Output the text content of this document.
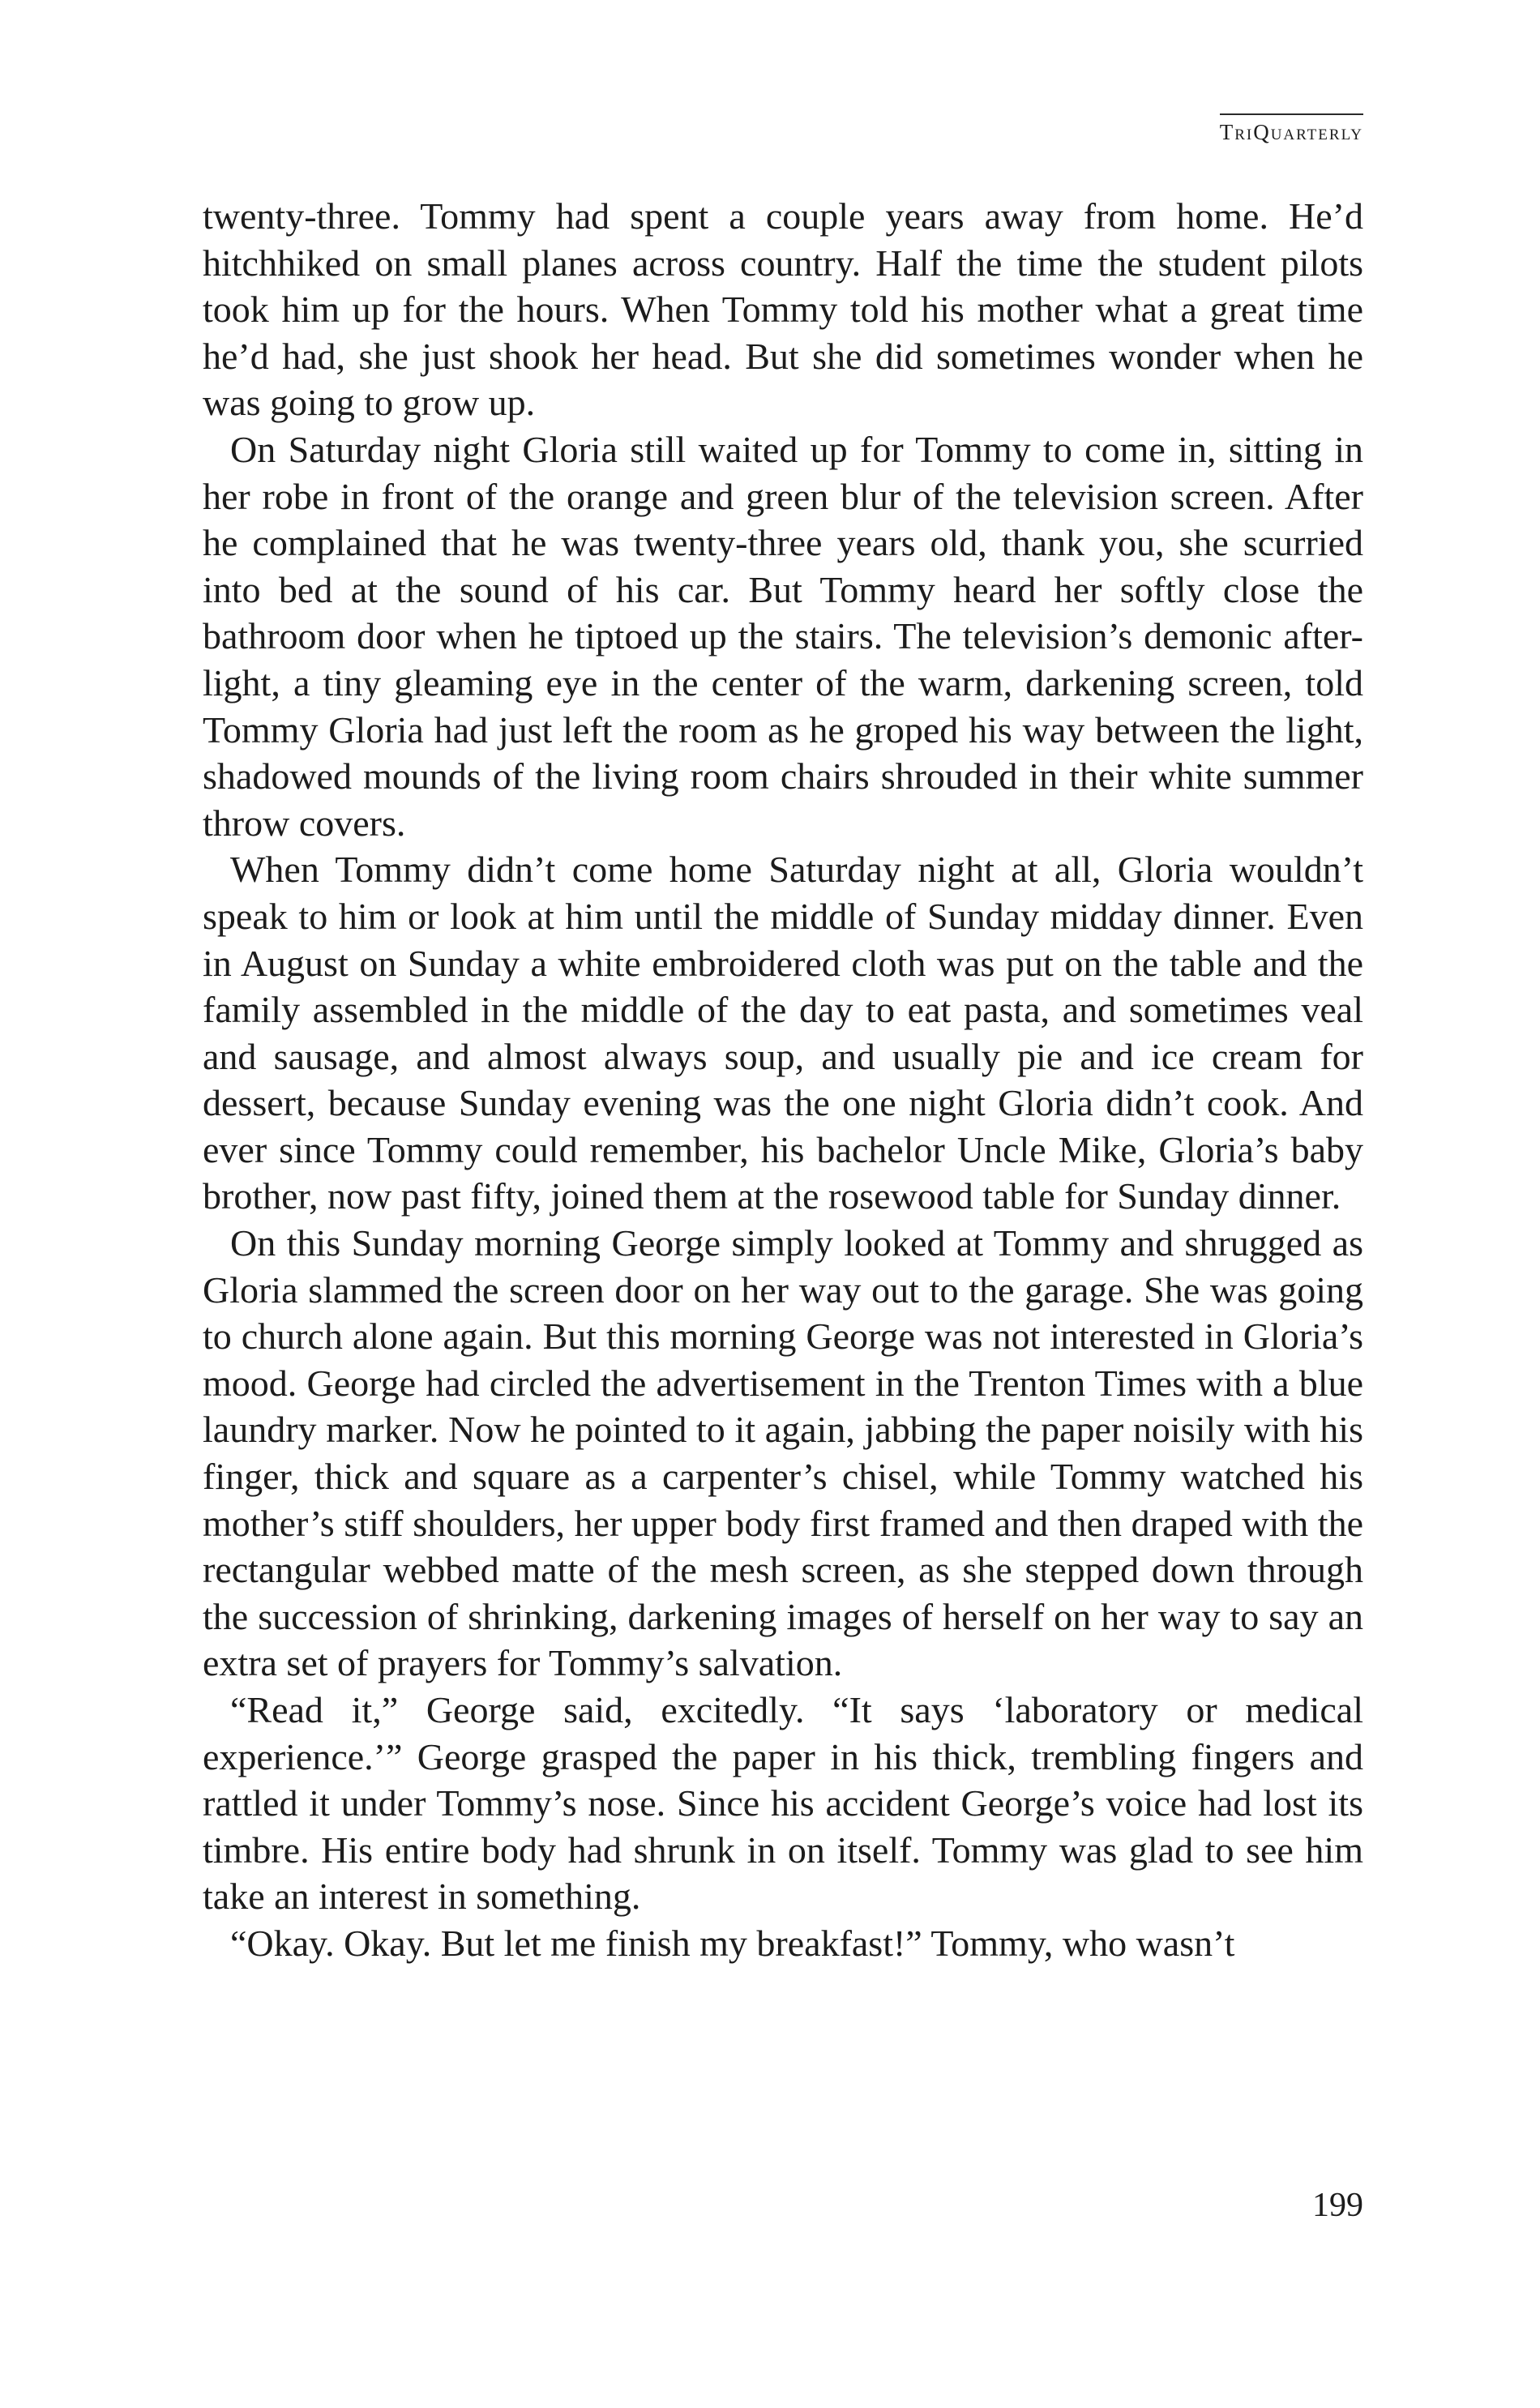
TriQuarterly

twenty-three. Tommy had spent a couple years away from home. He’d hitchhiked on small planes across country. Half the time the student pilots took him up for the hours. When Tommy told his mother what a great time he’d had, she just shook her head. But she did sometimes wonder when he was going to grow up.

On Saturday night Gloria still waited up for Tommy to come in, sitting in her robe in front of the orange and green blur of the television screen. After he complained that he was twenty-three years old, thank you, she scurried into bed at the sound of his car. But Tommy heard her softly close the bathroom door when he tiptoed up the stairs. The television’s demonic after-light, a tiny gleaming eye in the center of the warm, darkening screen, told Tommy Gloria had just left the room as he groped his way between the light, shadowed mounds of the living room chairs shrouded in their white summer throw covers.

When Tommy didn’t come home Saturday night at all, Gloria wouldn’t speak to him or look at him until the middle of Sunday midday dinner. Even in August on Sunday a white embroidered cloth was put on the table and the family assembled in the middle of the day to eat pasta, and sometimes veal and sausage, and almost always soup, and usually pie and ice cream for dessert, because Sunday evening was the one night Gloria didn’t cook. And ever since Tommy could remember, his bachelor Uncle Mike, Gloria’s baby brother, now past fifty, joined them at the rosewood table for Sunday dinner.

On this Sunday morning George simply looked at Tommy and shrugged as Gloria slammed the screen door on her way out to the garage. She was going to church alone again. But this morning George was not interested in Gloria’s mood. George had circled the advertisement in the Trenton Times with a blue laundry marker. Now he pointed to it again, jabbing the paper noisily with his finger, thick and square as a carpenter’s chisel, while Tommy watched his mother’s stiff shoulders, her upper body first framed and then draped with the rectangular webbed matte of the mesh screen, as she stepped down through the succession of shrinking, darkening images of herself on her way to say an extra set of prayers for Tommy’s salvation.

“Read it,” George said, excitedly. “It says ‘laboratory or medical experience.’” George grasped the paper in his thick, trembling fingers and rattled it under Tommy’s nose. Since his accident George’s voice had lost its timbre. His entire body had shrunk in on itself. Tommy was glad to see him take an interest in something.

“Okay. Okay. But let me finish my breakfast!” Tommy, who wasn’t

199
